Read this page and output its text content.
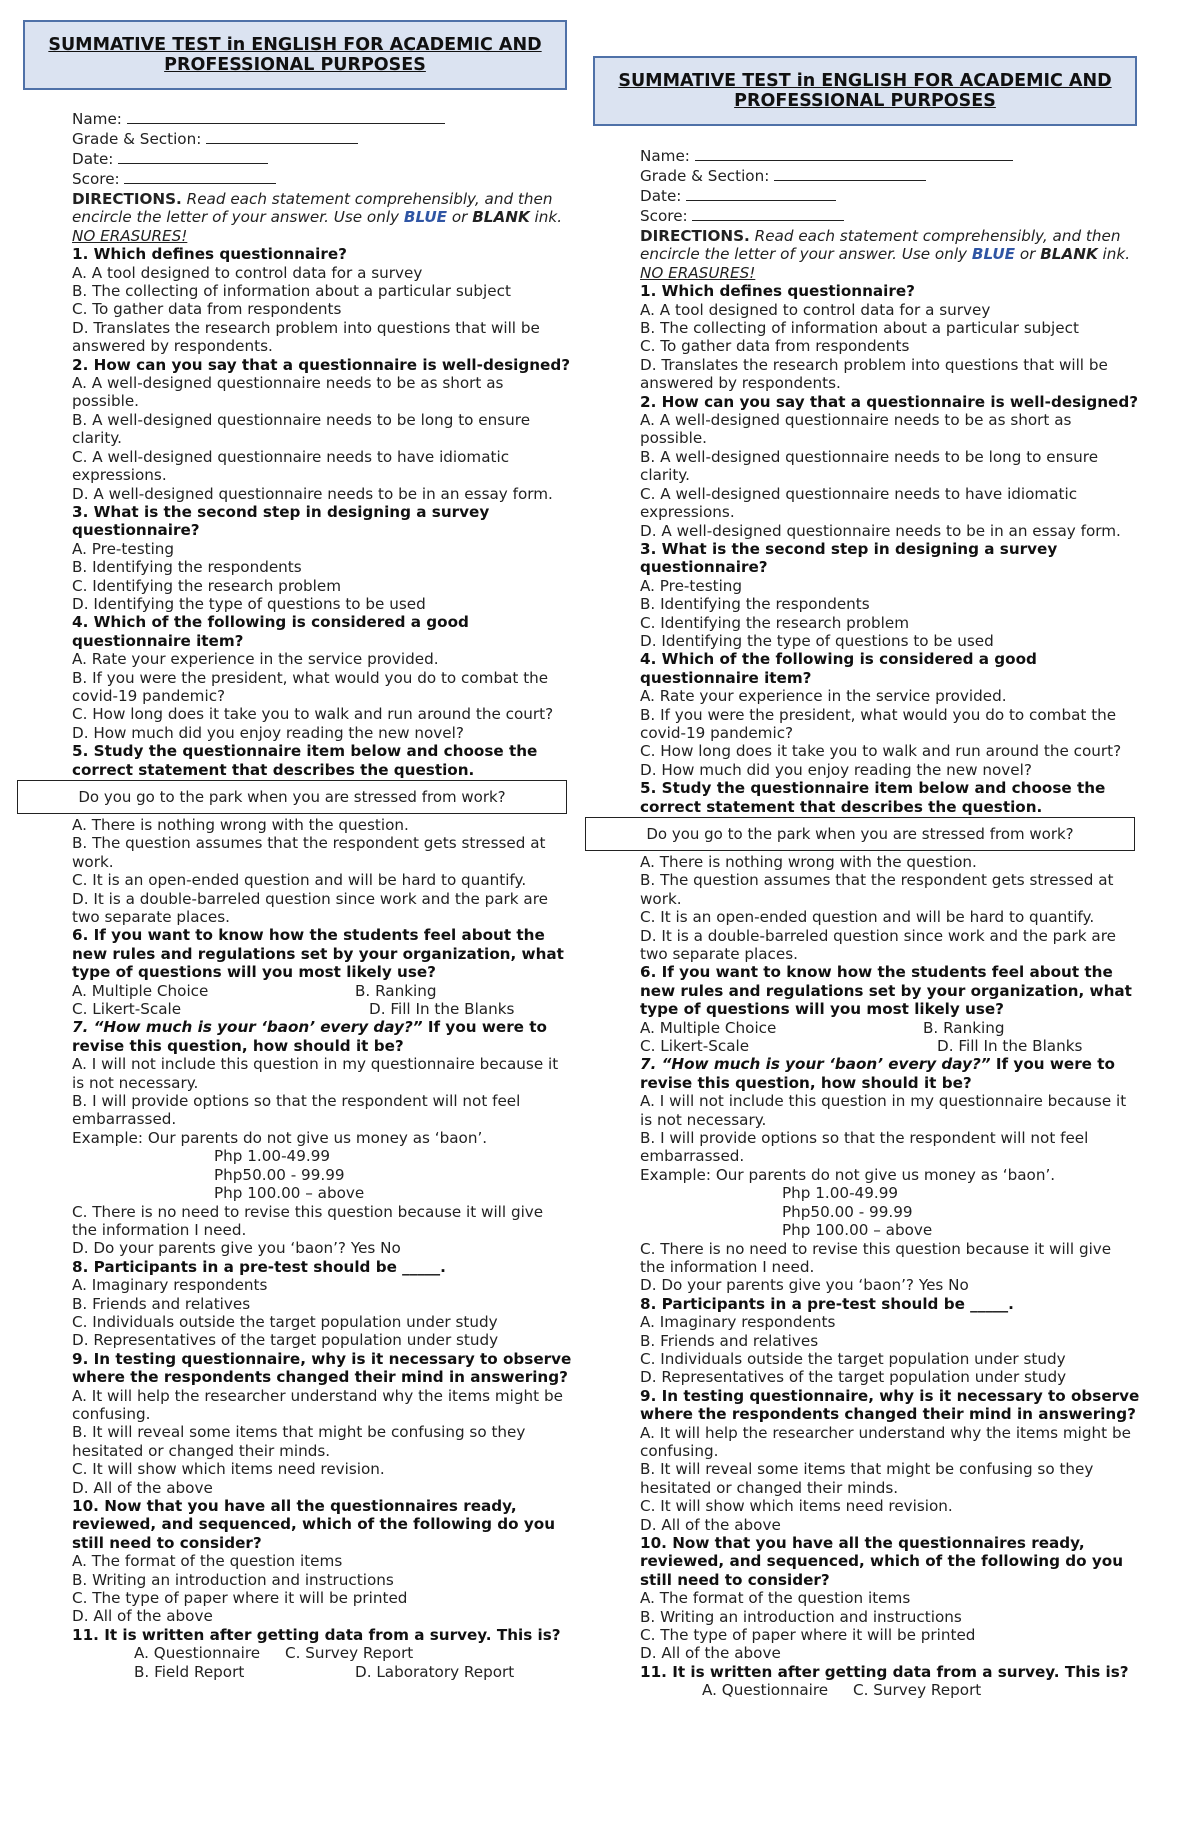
SUMMATIVE TEST in ENGLISH FOR ACADEMIC AND PROFESSIONAL PURPOSES
Name:
Grade & Section:
Date:
Score:
DIRECTIONS. Read each statement comprehensibly, and then encircle the letter of your answer. Use only BLUE or BLANK ink. NO ERASURES!
1. Which defines questionnaire?
A. A tool designed to control data for a survey
B. The collecting of information about a particular subject
C. To gather data from respondents
D. Translates the research problem into questions that will be answered by respondents.
2. How can you say that a questionnaire is well-designed?
A. A well-designed questionnaire needs to be as short as possible.
B. A well-designed questionnaire needs to be long to ensure clarity.
C. A well-designed questionnaire needs to have idiomatic expressions.
D. A well-designed questionnaire needs to be in an essay form.
3. What is the second step in designing a survey questionnaire?
A. Pre-testing
B. Identifying the respondents
C. Identifying the research problem
D. Identifying the type of questions to be used
4. Which of the following is considered a good questionnaire item?
A. Rate your experience in the service provided.
B. If you were the president, what would you do to combat the covid-19 pandemic?
C. How long does it take you to walk and run around the court?
D. How much did you enjoy reading the new novel?
5. Study the questionnaire item below and choose the correct statement that describes the question.
Do you go to the park when you are stressed from work?
A. There is nothing wrong with the question.
B. The question assumes that the respondent gets stressed at work.
C. It is an open-ended question and will be hard to quantify.
D. It is a double-barreled question since work and the park are two separate places.
6. If you want to know how the students feel about the new rules and regulations set by your organization, what type of questions will you most likely use?
A. Multiple Choice	B. Ranking
C. Likert-Scale	D. Fill In the Blanks
7. “How much is your ‘baon’ every day?” If you were to revise this question, how should it be?
A. I will not include this question in my questionnaire because it is not necessary.
B. I will provide options so that the respondent will not feel embarrassed.
Example: Our parents do not give us money as ‘baon’.
Php 1.00-49.99
Php50.00 - 99.99
Php 100.00 – above
C. There is no need to revise this question because it will give the information I need.
D. Do your parents give you ‘baon’? Yes No
8. Participants in a pre-test should be _____.
A. Imaginary respondents
B. Friends and relatives
C. Individuals outside the target population under study
D. Representatives of the target population under study
9. In testing questionnaire, why is it necessary to observe where the respondents changed their mind in answering?
A. It will help the researcher understand why the items might be confusing.
B. It will reveal some items that might be confusing so they hesitated or changed their minds.
C. It will show which items need revision.
D. All of the above
10. Now that you have all the questionnaires ready, reviewed, and sequenced, which of the following do you still need to consider?
A. The format of the question items
B. Writing an introduction and instructions
C. The type of paper where it will be printed
D. All of the above
11. It is written after getting data from a survey. This is?
A. Questionnaire C. Survey Report
B. Field Report	D. Laboratory Report
SUMMATIVE TEST in ENGLISH FOR ACADEMIC AND PROFESSIONAL PURPOSES
Name:
Grade & Section:
Date:
Score:
DIRECTIONS. Read each statement comprehensibly, and then encircle the letter of your answer. Use only BLUE or BLANK ink. NO ERASURES!
1. Which defines questionnaire?
A. A tool designed to control data for a survey
B. The collecting of information about a particular subject
C. To gather data from respondents
D. Translates the research problem into questions that will be answered by respondents.
2. How can you say that a questionnaire is well-designed?
A. A well-designed questionnaire needs to be as short as possible.
B. A well-designed questionnaire needs to be long to ensure clarity.
C. A well-designed questionnaire needs to have idiomatic expressions.
D. A well-designed questionnaire needs to be in an essay form.
3. What is the second step in designing a survey questionnaire?
A. Pre-testing
B. Identifying the respondents
C. Identifying the research problem
D. Identifying the type of questions to be used
4. Which of the following is considered a good questionnaire item?
A. Rate your experience in the service provided.
B. If you were the president, what would you do to combat the covid-19 pandemic?
C. How long does it take you to walk and run around the court?
D. How much did you enjoy reading the new novel?
5. Study the questionnaire item below and choose the correct statement that describes the question.
Do you go to the park when you are stressed from work?
A. There is nothing wrong with the question.
B. The question assumes that the respondent gets stressed at work.
C. It is an open-ended question and will be hard to quantify.
D. It is a double-barreled question since work and the park are two separate places.
6. If you want to know how the students feel about the new rules and regulations set by your organization, what type of questions will you most likely use?
A. Multiple Choice	B. Ranking
C. Likert-Scale	D. Fill In the Blanks
7. “How much is your ‘baon’ every day?” If you were to revise this question, how should it be?
A. I will not include this question in my questionnaire because it is not necessary.
B. I will provide options so that the respondent will not feel embarrassed.
Example: Our parents do not give us money as ‘baon’.
Php 1.00-49.99
Php50.00 - 99.99
Php 100.00 – above
C. There is no need to revise this question because it will give the information I need.
D. Do your parents give you ‘baon’? Yes No
8. Participants in a pre-test should be _____.
A. Imaginary respondents
B. Friends and relatives
C. Individuals outside the target population under study
D. Representatives of the target population under study
9. In testing questionnaire, why is it necessary to observe where the respondents changed their mind in answering?
A. It will help the researcher understand why the items might be confusing.
B. It will reveal some items that might be confusing so they hesitated or changed their minds.
C. It will show which items need revision.
D. All of the above
10. Now that you have all the questionnaires ready, reviewed, and sequenced, which of the following do you still need to consider?
A. The format of the question items
B. Writing an introduction and instructions
C. The type of paper where it will be printed
D. All of the above
11. It is written after getting data from a survey. This is?
A. Questionnaire C. Survey Report
